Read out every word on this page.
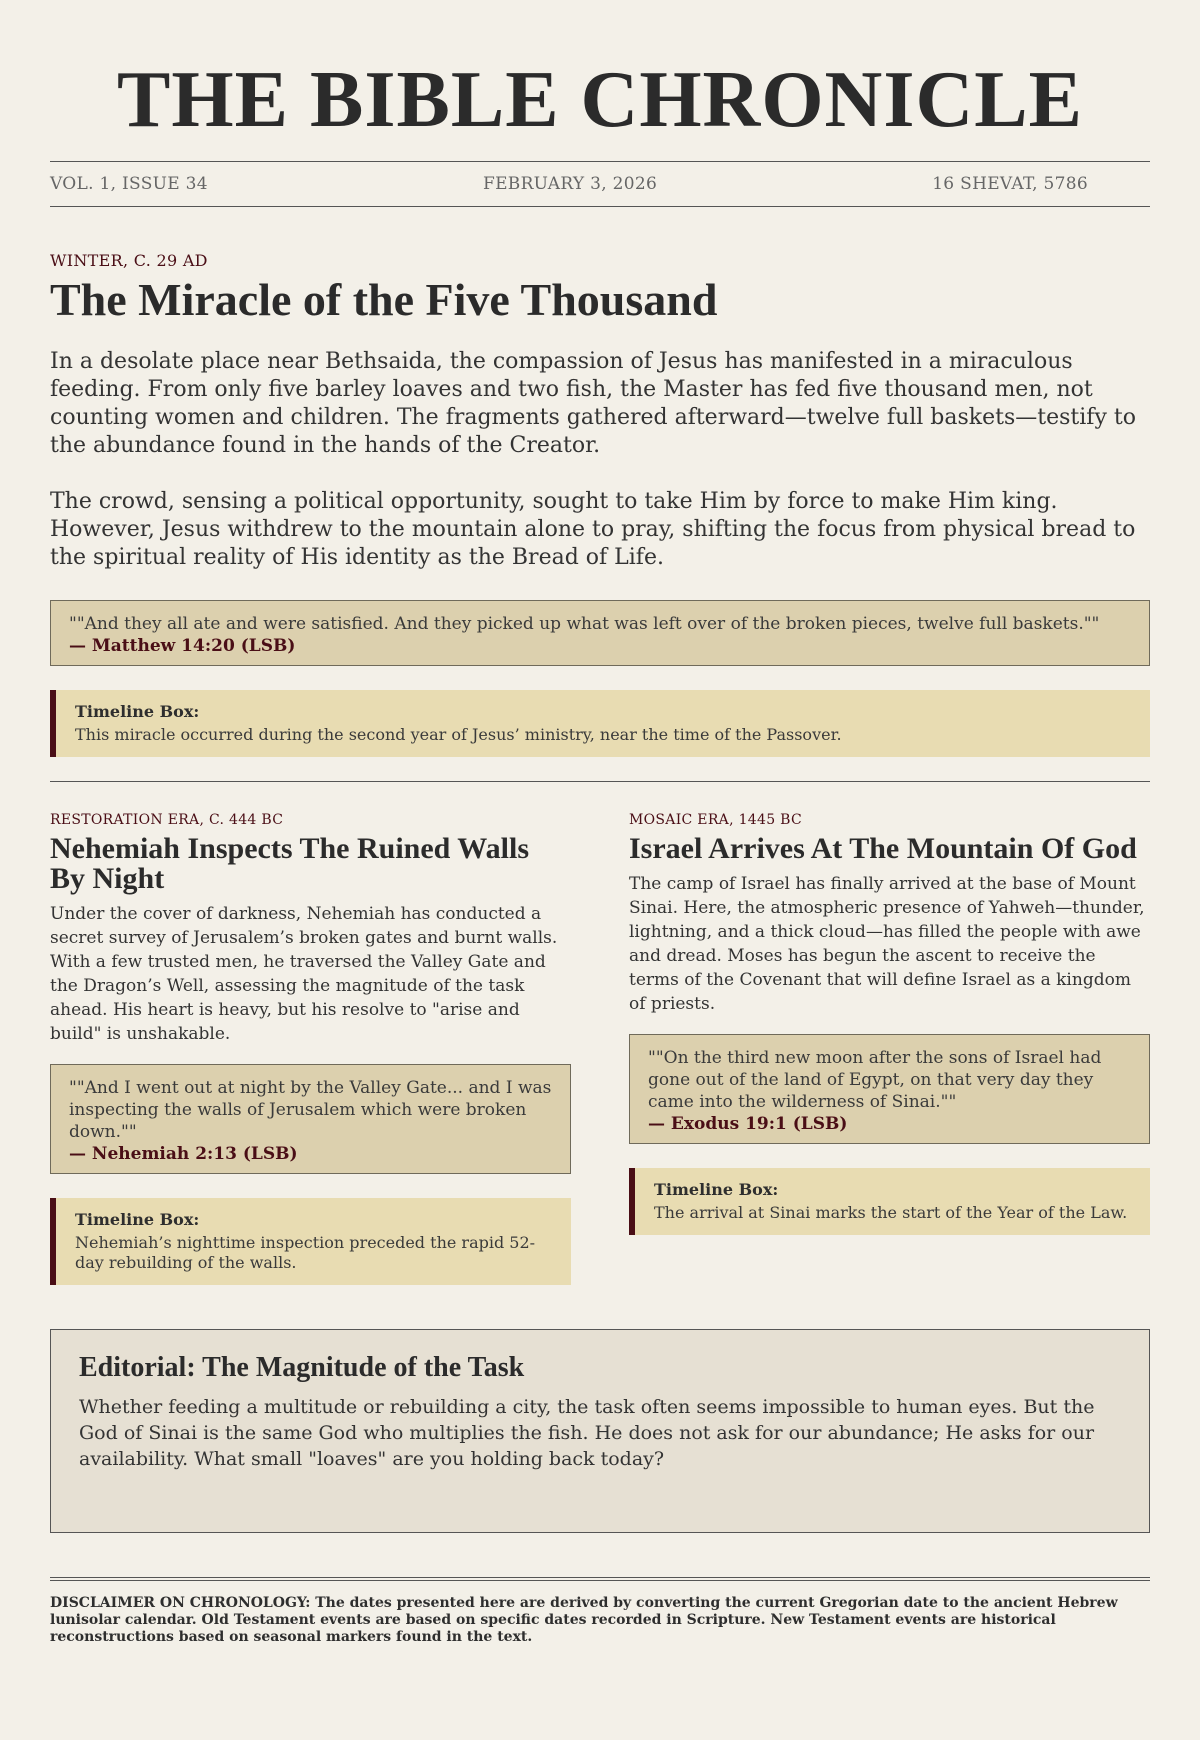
THE BIBLE CHRONICLE
VOL. 1, ISSUE 34	FEBRUARY 3, 2026	16 SHEVAT, 5786
WINTER, C. 29 AD
The Miracle of the Five Thousand

In a desolate place near Bethsaida, the compassion of Jesus has manifested in a miraculous feeding. From only five barley loaves and two fish, the Master has fed five thousand men, not counting women and children. The fragments gathered afterward—twelve full baskets—testify to the abundance found in the hands of the Creator.

The crowd, sensing a political opportunity, sought to take Him by force to make Him king. However, Jesus withdrew to the mountain alone to pray, shifting the focus from physical bread to the spiritual reality of His identity as the Bread of Life.

""And they all ate and were satisfied. And they picked up what was left over of the broken pieces, twelve full baskets.""
— Matthew 14:20 (LSB)
Timeline Box:
This miracle occurred during the second year of Jesus’ ministry, near the time of the Passover.
RESTORATION ERA, C. 444 BC
Nehemiah Inspects The Ruined Walls By Night

Under the cover of darkness, Nehemiah has conducted a secret survey of Jerusalem’s broken gates and burnt walls. With a few trusted men, he traversed the Valley Gate and the Dragon’s Well, assessing the magnitude of the task ahead. His heart is heavy, but his resolve to "arise and build" is unshakable.

""And I went out at night by the Valley Gate... and I was inspecting the walls of Jerusalem which were broken down.""
— Nehemiah 2:13 (LSB)
Timeline Box:
Nehemiah’s nighttime inspection preceded the rapid 52-day rebuilding of the walls.
MOSAIC ERA, 1445 BC
Israel Arrives At The Mountain Of God

The camp of Israel has finally arrived at the base of Mount Sinai. Here, the atmospheric presence of Yahweh—thunder, lightning, and a thick cloud—has filled the people with awe and dread. Moses has begun the ascent to receive the terms of the Covenant that will define Israel as a kingdom of priests.

""On the third new moon after the sons of Israel had gone out of the land of Egypt, on that very day they came into the wilderness of Sinai.""
— Exodus 19:1 (LSB)
Timeline Box:
The arrival at Sinai marks the start of the Year of the Law.
Editorial: The Magnitude of the Task

Whether feeding a multitude or rebuilding a city, the task often seems impossible to human eyes. But the God of Sinai is the same God who multiplies the fish. He does not ask for our abundance; He asks for our availability. What small "loaves" are you holding back today?

DISCLAIMER ON CHRONOLOGY: The dates presented here are derived by converting the current Gregorian date to the ancient Hebrew lunisolar calendar. Old Testament events are based on specific dates recorded in Scripture. New Testament events are historical reconstructions based on seasonal markers found in the text.
